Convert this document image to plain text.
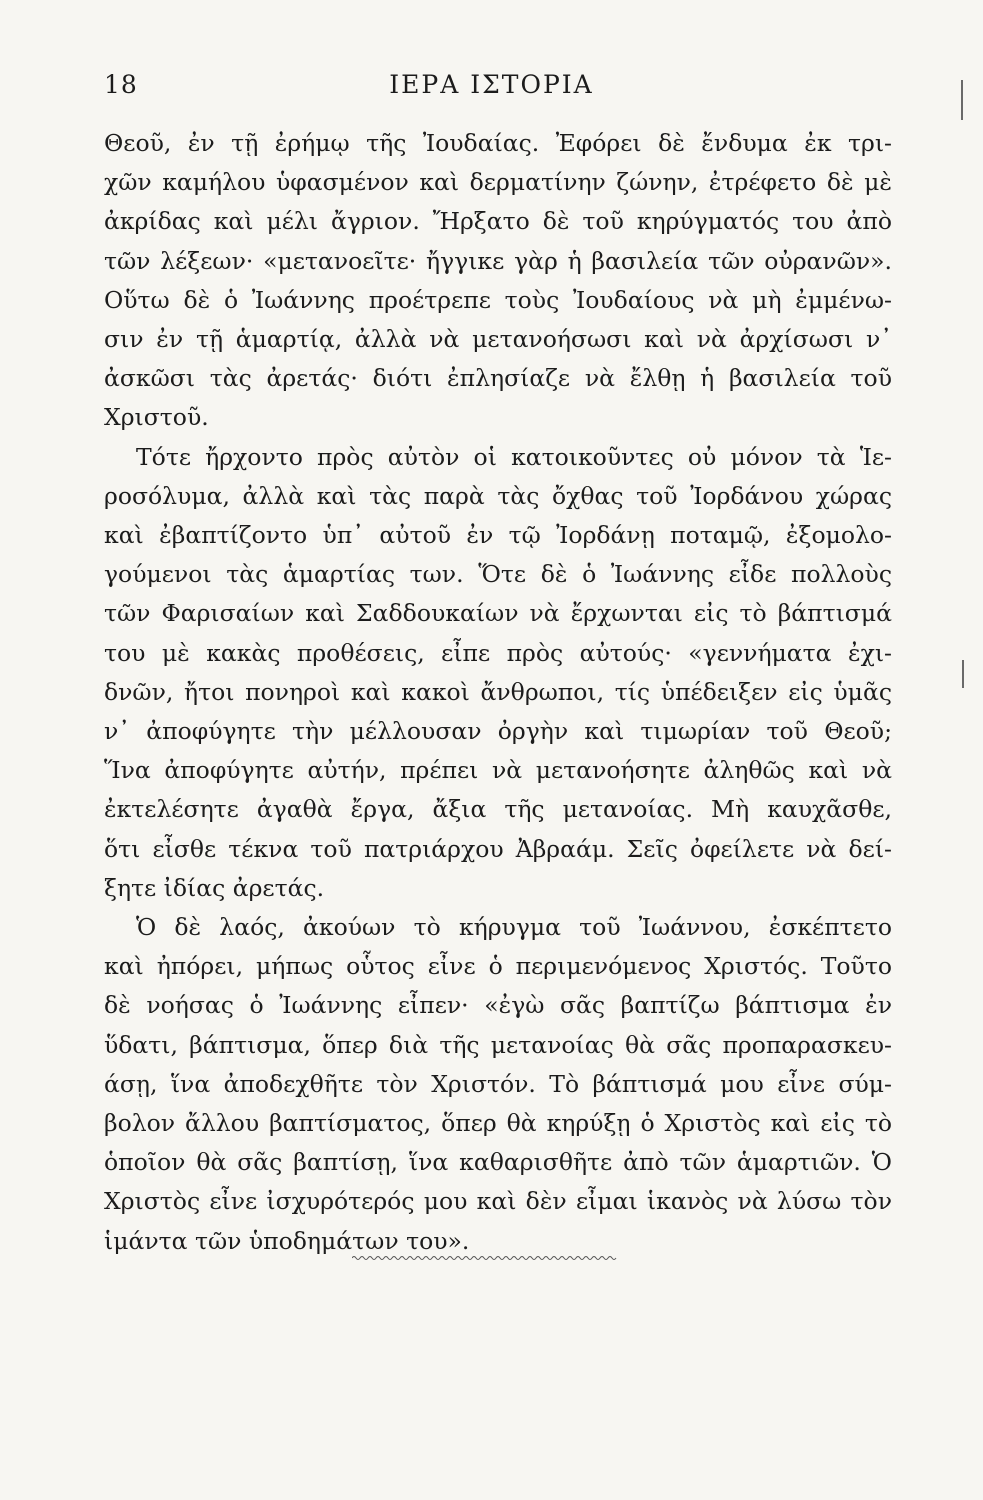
18	ΙΕΡΑ ΙΣΤΟΡΙΑ
Θεοῦ, ἐν τῇ ἐρήμῳ τῆς Ἰουδαίας. Ἐφόρει δὲ ἔνδυμα ἐκ τρι-
χῶν καμήλου ὑφασμένον καὶ δερματίνην ζώνην, ἐτρέφετο δὲ μὲ
ἀκρίδας καὶ μέλι ἄγριον. Ἤρξατο δὲ τοῦ κηρύγματός του ἀπὸ
τῶν λέξεων· «μετανοεῖτε· ἤγγικε γὰρ ἡ βασιλεία τῶν οὐρανῶν».
Οὕτω δὲ ὁ Ἰωάννης προέτρεπε τοὺς Ἰουδαίους νὰ μὴ ἐμμένω-
σιν ἐν τῇ ἁμαρτίᾳ, ἀλλὰ νὰ μετανοήσωσι καὶ νὰ ἀρχίσωσι ν᾽
ἀσκῶσι τὰς ἀρετάς· διότι ἐπλησίαζε νὰ ἔλθῃ ἡ βασιλεία τοῦ
Χριστοῦ.
Τότε ἤρχοντο πρὸς αὐτὸν οἱ κατοικοῦντες οὐ μόνον τὰ Ἱε-
ροσόλυμα, ἀλλὰ καὶ τὰς παρὰ τὰς ὄχθας τοῦ Ἰορδάνου χώρας
καὶ ἐβαπτίζοντο ὑπ᾽ αὐτοῦ ἐν τῷ Ἰορδάνῃ ποταμῷ, ἐξομολο-
γούμενοι τὰς ἁμαρτίας των. Ὅτε δὲ ὁ Ἰωάννης εἶδε πολλοὺς
τῶν Φαρισαίων καὶ Σαδδουκαίων νὰ ἔρχωνται εἰς τὸ βάπτισμά
του μὲ κακὰς προθέσεις, εἶπε πρὸς αὐτούς· «γεννήματα ἐχι-
δνῶν, ἤτοι πονηροὶ καὶ κακοὶ ἄνθρωποι, τίς ὑπέδειξεν εἰς ὑμᾶς
ν᾽ ἀποφύγητε τὴν μέλλουσαν ὀργὴν καὶ τιμωρίαν τοῦ Θεοῦ;
Ἵνα ἀποφύγητε αὐτήν, πρέπει νὰ μετανοήσητε ἀληθῶς καὶ νὰ
ἐκτελέσητε ἀγαθὰ ἔργα, ἄξια τῆς μετανοίας. Μὴ καυχᾶσθε,
ὅτι εἶσθε τέκνα τοῦ πατριάρχου Ἀβραάμ. Σεῖς ὀφείλετε νὰ δεί-
ξητε ἰδίας ἀρετάς.
Ὁ δὲ λαός, ἀκούων τὸ κήρυγμα τοῦ Ἰωάννου, ἐσκέπτετο
καὶ ἠπόρει, μήπως οὗτος εἶνε ὁ περιμενόμενος Χριστός. Τοῦτο
δὲ νοήσας ὁ Ἰωάννης εἶπεν· «ἐγὼ σᾶς βαπτίζω βάπτισμα ἐν
ὕδατι, βάπτισμα, ὅπερ διὰ τῆς μετανοίας θὰ σᾶς προπαρασκευ-
άσῃ, ἵνα ἀποδεχθῆτε τὸν Χριστόν. Τὸ βάπτισμά μου εἶνε σύμ-
βολον ἄλλου βαπτίσματος, ὅπερ θὰ κηρύξῃ ὁ Χριστὸς καὶ εἰς τὸ
ὁποῖον θὰ σᾶς βαπτίσῃ, ἵνα καθαρισθῆτε ἀπὸ τῶν ἁμαρτιῶν. Ὁ
Χριστὸς εἶνε ἰσχυρότερός μου καὶ δὲν εἶμαι ἱκανὸς νὰ λύσω τὸν
ἱμάντα τῶν ὑποδημάτων του».
